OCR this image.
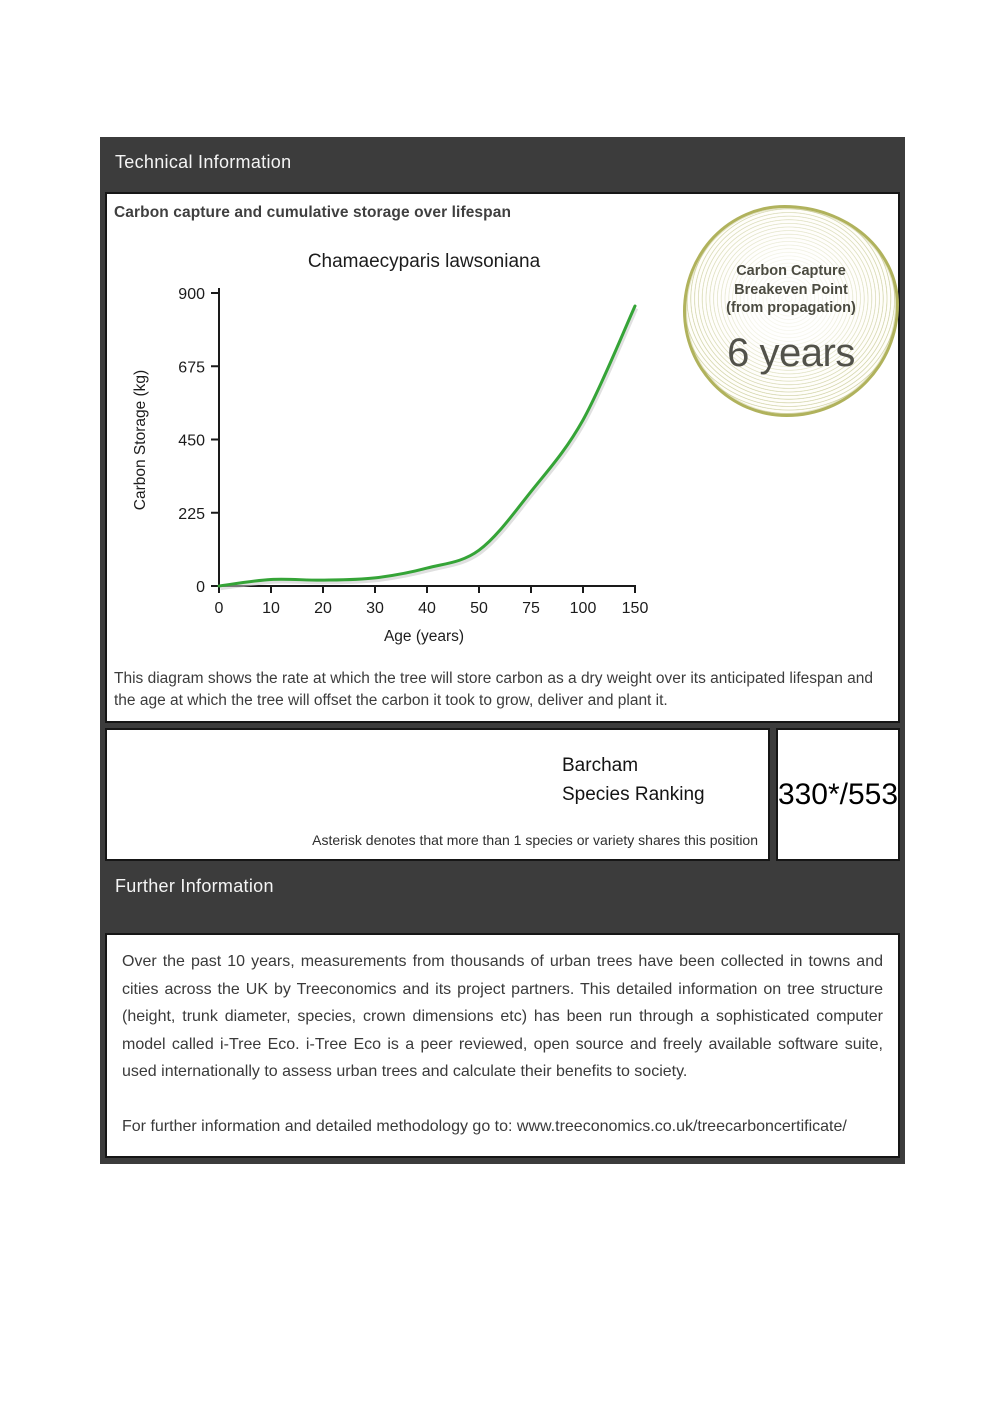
Technical Information
Carbon capture and cumulative storage over lifespan
Chamaecyparis lawsoniana
Age (years)
Carbon Storage (kg)
0 10 20 30 40 50 75 100 150
0
225
450
675
900
Carbon Capture
Breakeven Point
(from propagation)
6 years
This diagram shows the rate at which the tree will store carbon as a dry weight over its anticipated lifespan and the age at which the tree will offset the carbon it took to grow, deliver and plant it.
Barcham
Species Ranking
Asterisk denotes that more than 1 species or variety shares this position
330*/553
Further Information
Over the past 10 years, measurements from thousands of urban trees have been collected in towns and cities across the UK by Treeconomics and its project partners. This detailed information on tree structure (height, trunk diameter, species, crown dimensions etc) has been run through a sophisticated computer model called i-Tree Eco. i-Tree Eco is a peer reviewed, open source and freely available software suite, used internationally to assess urban trees and calculate their benefits to society.
For further information and detailed methodology go to: www.treeconomics.co.uk/treecarboncertificate/
